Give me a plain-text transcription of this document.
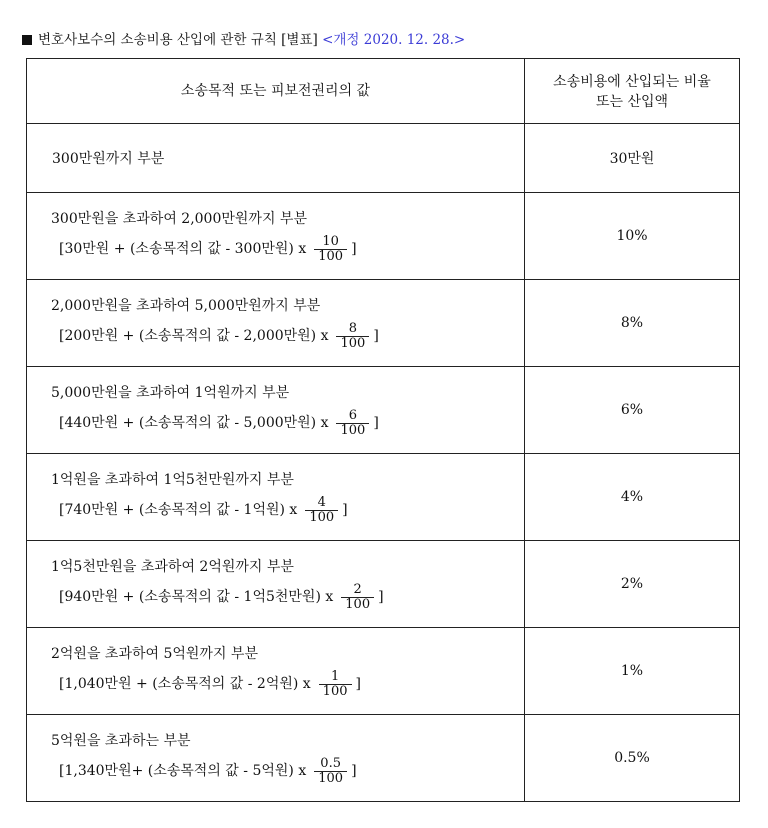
변호사보수의 소송비용 산입에 관한 규칙 [별표] <개정 2020. 12. 28.>
소송목적 또는 피보전권리의 값	소송비용에 산입되는 비율
또는 산입액

300만원까지 부분	30만원

300만원을 초과하여 2,000만원까지 부분
[30만원 + (소송목적의 값 - 300만원) x $\frac{10}{100}$ ]	10%

2,000만원을 초과하여 5,000만원까지 부분
[200만원 + (소송목적의 값 - 2,000만원) x $\frac{8}{100}$ ]	8%

5,000만원을 초과하여 1억원까지 부분
[440만원 + (소송목적의 값 - 5,000만원) x $\frac{6}{100}$ ]	6%

1억원을 초과하여 1억5천만원까지 부분
[740만원 + (소송목적의 값 - 1억원) x $\frac{4}{100}$ ]	4%

1억5천만원을 초과하여 2억원까지 부분
[940만원 + (소송목적의 값 - 1억5천만원) x $\frac{2}{100}$ ]	2%

2억원을 초과하여 5억원까지 부분
[1,040만원 + (소송목적의 값 - 2억원) x $\frac{1}{100}$ ]	1%

5억원을 초과하는 부분
[1,340만원+ (소송목적의 값 - 5억원) x $\frac{0.5}{100}$ ]	0.5%
